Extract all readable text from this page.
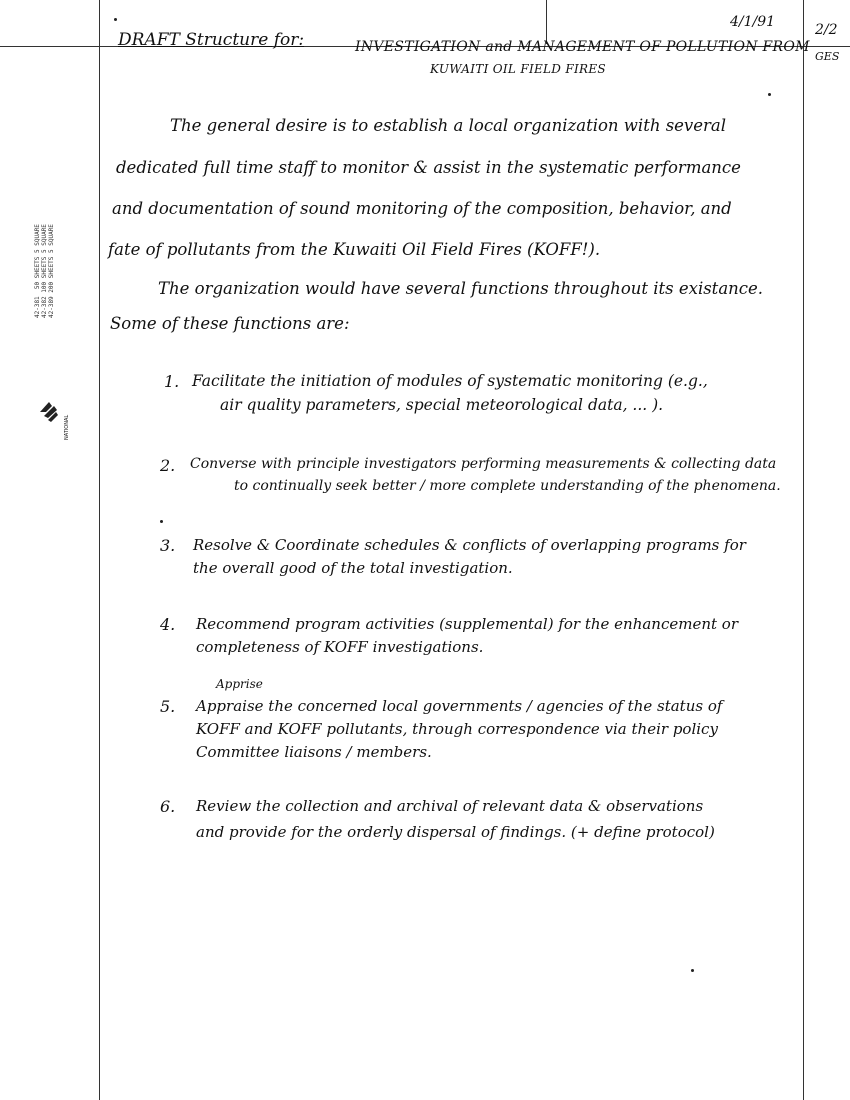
42-381  50 SHEETS 5 SQUARE
42-382 100 SHEETS 5 SQUARE
42-389 200 SHEETS 5 SQUARE
NATIONAL
4/1/91	2/2
GES
DRAFT Structure for:	INVESTIGATION and MANAGEMENT OF POLLUTION FROM
KUWAITI OIL FIELD FIRES
The general desire is to establish a local organization with several
dedicated full time staff to monitor & assist in the systematic performance
and documentation of sound monitoring of the composition, behavior, and
fate of pollutants from the Kuwaiti Oil Field Fires (KOFF!).
The organization would have several functions throughout its existance.
Some of these functions are:
1. Facilitate the initiation of modules of systematic monitoring (e.g.,
air quality parameters, special meteorological data, ... ).
2. Converse with principle investigators performing measurements & collecting data
to continually seek better / more complete understanding of the phenomena.
3. Resolve & Coordinate schedules & conflicts of overlapping programs for
the overall good of the total investigation.
4. Recommend program activities (supplemental) for the enhancement or
completeness of KOFF investigations.
Apprise
5. Appraise the concerned local governments / agencies of the status of
KOFF and KOFF pollutants, through correspondence via their policy
Committee liaisons / members.
6. Review the collection and archival of relevant data & observations
and provide for the orderly dispersal of findings. (+ define protocol)
